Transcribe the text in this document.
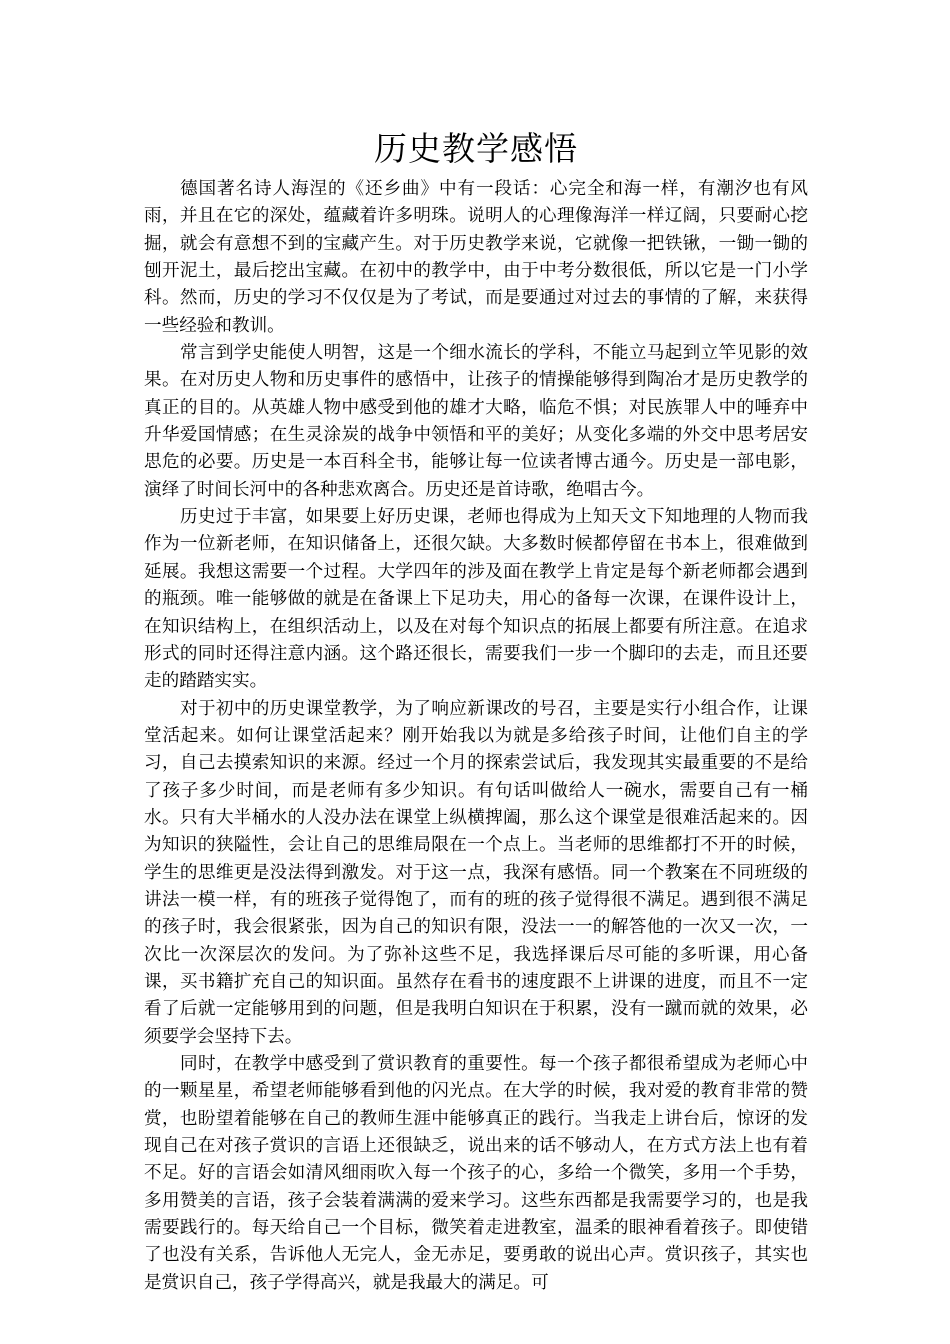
历史教学感悟

德国著名诗人海涅的《还乡曲》中有一段话：心完全和海一样，有潮汐也有风雨，并且在它的深处，蕴藏着许多明珠。说明人的心理像海洋一样辽阔，只要耐心挖掘，就会有意想不到的宝藏产生。对于历史教学来说，它就像一把铁锹，一锄一锄的刨开泥土，最后挖出宝藏。在初中的教学中，由于中考分数很低，所以它是一门小学科。然而，历史的学习不仅仅是为了考试，而是要通过对过去的事情的了解，来获得一些经验和教训。

常言到学史能使人明智，这是一个细水流长的学科，不能立马起到立竿见影的效果。在对历史人物和历史事件的感悟中，让孩子的情操能够得到陶冶才是历史教学的真正的目的。从英雄人物中感受到他的雄才大略，临危不惧；对民族罪人中的唾弃中升华爱国情感；在生灵涂炭的战争中领悟和平的美好；从变化多端的外交中思考居安思危的必要。历史是一本百科全书，能够让每一位读者博古通今。历史是一部电影，演绎了时间长河中的各种悲欢离合。历史还是首诗歌，绝唱古今。

历史过于丰富，如果要上好历史课，老师也得成为上知天文下知地理的人物而我作为一位新老师，在知识储备上，还很欠缺。大多数时候都停留在书本上，很难做到延展。我想这需要一个过程。大学四年的涉及面在教学上肯定是每个新老师都会遇到的瓶颈。唯一能够做的就是在备课上下足功夫，用心的备每一次课，在课件设计上，在知识结构上，在组织活动上，以及在对每个知识点的拓展上都要有所注意。在追求形式的同时还得注意内涵。这个路还很长，需要我们一步一个脚印的去走，而且还要走的踏踏实实。

对于初中的历史课堂教学，为了响应新课改的号召，主要是实行小组合作，让课堂活起来。如何让课堂活起来？刚开始我以为就是多给孩子时间，让他们自主的学习，自己去摸索知识的来源。经过一个月的探索尝试后，我发现其实最重要的不是给了孩子多少时间，而是老师有多少知识。有句话叫做给人一碗水，需要自己有一桶水。只有大半桶水的人没办法在课堂上纵横捭阖，那么这个课堂是很难活起来的。因为知识的狭隘性，会让自己的思维局限在一个点上。当老师的思维都打不开的时候，学生的思维更是没法得到激发。对于这一点，我深有感悟。同一个教案在不同班级的讲法一模一样，有的班孩子觉得饱了，而有的班的孩子觉得很不满足。遇到很不满足的孩子时，我会很紧张，因为自己的知识有限，没法一一的解答他的一次又一次，一次比一次深层次的发问。为了弥补这些不足，我选择课后尽可能的多听课，用心备课，买书籍扩充自己的知识面。虽然存在看书的速度跟不上讲课的进度，而且不一定看了后就一定能够用到的问题，但是我明白知识在于积累，没有一蹴而就的效果，必须要学会坚持下去。

同时，在教学中感受到了赏识教育的重要性。每一个孩子都很希望成为老师心中的一颗星星，希望老师能够看到他的闪光点。在大学的时候，我对爱的教育非常的赞赏，也盼望着能够在自己的教师生涯中能够真正的践行。当我走上讲台后，惊讶的发现自己在对孩子赏识的言语上还很缺乏，说出来的话不够动人，在方式方法上也有着不足。好的言语会如清风细雨吹入每一个孩子的心，多给一个微笑，多用一个手势，多用赞美的言语，孩子会装着满满的爱来学习。这些东西都是我需要学习的，也是我需要践行的。每天给自己一个目标，微笑着走进教室，温柔的眼神看着孩子。即使错了也没有关系，告诉他人无完人，金无赤足，要勇敢的说出心声。赏识孩子，其实也是赏识自己，孩子学得高兴，就是我最大的满足。可
